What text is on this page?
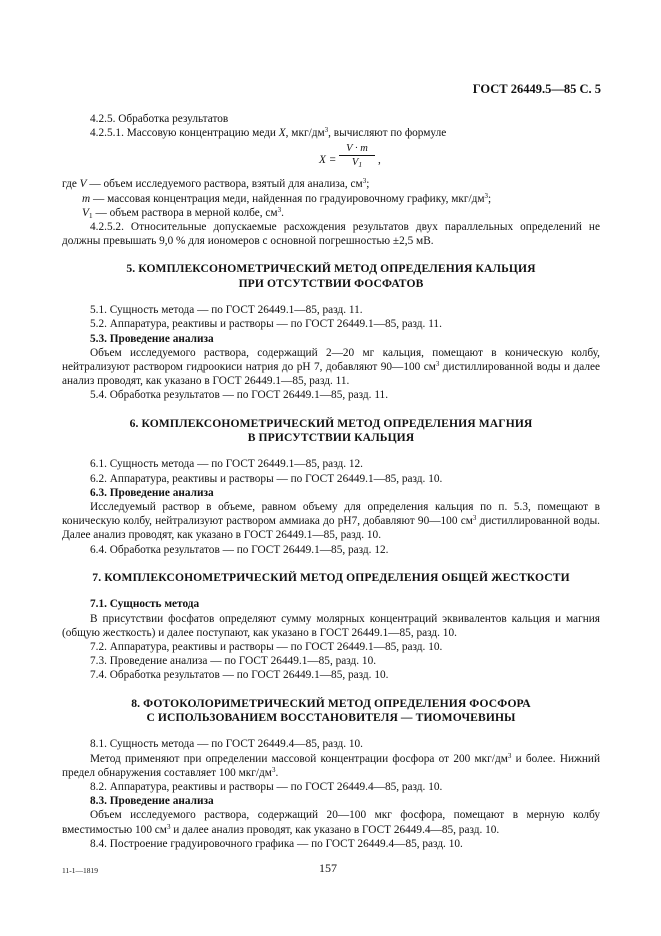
ГОСТ 26449.5—85 С. 5

4.2.5. Обработка результатов

4.2.5.1. Массовую концентрацию меди X, мкг/$дм^3$, вычисляют по формуле

$X = \frac{V \cdot m}{V_1}$ ,

где V — объем исследуемого раствора, взятый для анализа, $см^3$;

m — массовая концентрация меди, найденная по градуировочному графику, мкг/$дм^3$;

$V_1$ — объем раствора в мерной колбе, $см^3$.

4.2.5.2. Относительные допускаемые расхождения результатов двух параллельных определений не должны превышать 9,0 % для иономеров с основной погрешностью ±2,5 мВ.

5. КОМПЛЕКСОНОМЕТРИЧЕСКИЙ МЕТОД ОПРЕДЕЛЕНИЯ КАЛЬЦИЯ
ПРИ ОТСУТСТВИИ ФОСФАТОВ

5.1. Сущность метода — по ГОСТ 26449.1—85, разд. 11.

5.2. Аппаратура, реактивы и растворы — по ГОСТ 26449.1—85, разд. 11.

5.3. Проведение анализа

Объем исследуемого раствора, содержащий 2—20 мг кальция, помещают в коническую колбу, нейтрализуют раствором гидроокиси натрия до рН 7, добавляют 90—100 $см^3$ дистиллированной воды и далее анализ проводят, как указано в ГОСТ 26449.1—85, разд. 11.

5.4. Обработка результатов — по ГОСТ 26449.1—85, разд. 11.

6. КОМПЛЕКСОНОМЕТРИЧЕСКИЙ МЕТОД ОПРЕДЕЛЕНИЯ МАГНИЯ
В ПРИСУТСТВИИ КАЛЬЦИЯ

6.1. Сущность метода — по ГОСТ 26449.1—85, разд. 12.

6.2. Аппаратура, реактивы и растворы — по ГОСТ 26449.1—85, разд. 10.

6.3. Проведение анализа

Исследуемый раствор в объеме, равном объему для определения кальция по п. 5.3, помещают в коническую колбу, нейтрализуют раствором аммиака до рН7, добавляют 90—100 $см^3$ дистиллированной воды. Далее анализ проводят, как указано в ГОСТ 26449.1—85, разд. 10.

6.4. Обработка результатов — по ГОСТ 26449.1—85, разд. 12.

7. КОМПЛЕКСОНОМЕТРИЧЕСКИЙ МЕТОД ОПРЕДЕЛЕНИЯ ОБЩЕЙ ЖЕСТКОСТИ

7.1. Сущность метода

В присутствии фосфатов определяют сумму молярных концентраций эквивалентов кальция и магния (общую жесткость) и далее поступают, как указано в ГОСТ 26449.1—85, разд. 10.

7.2. Аппаратура, реактивы и растворы — по ГОСТ 26449.1—85, разд. 10.

7.3. Проведение анализа — по ГОСТ 26449.1—85, разд. 10.

7.4. Обработка результатов — по ГОСТ 26449.1—85, разд. 10.

8. ФОТОКОЛОРИМЕТРИЧЕСКИЙ МЕТОД ОПРЕДЕЛЕНИЯ ФОСФОРА
С ИСПОЛЬЗОВАНИЕМ ВОССТАНОВИТЕЛЯ — ТИОМОЧЕВИНЫ

8.1. Сущность метода — по ГОСТ 26449.4—85, разд. 10.

Метод применяют при определении массовой концентрации фосфора от 200 мкг/$дм^3$ и более. Нижний предел обнаружения составляет 100 мкг/$дм^3$.

8.2. Аппаратура, реактивы и растворы — по ГОСТ 26449.4—85, разд. 10.

8.3. Проведение анализа

Объем исследуемого раствора, содержащий 20—100 мкг фосфора, помещают в мерную колбу вместимостью 100 $см^3$ и далее анализ проводят, как указано в ГОСТ 26449.4—85, разд. 10.

8.4. Построение градуировочного графика — по ГОСТ 26449.4—85, разд. 10.

11-1—1819	157
